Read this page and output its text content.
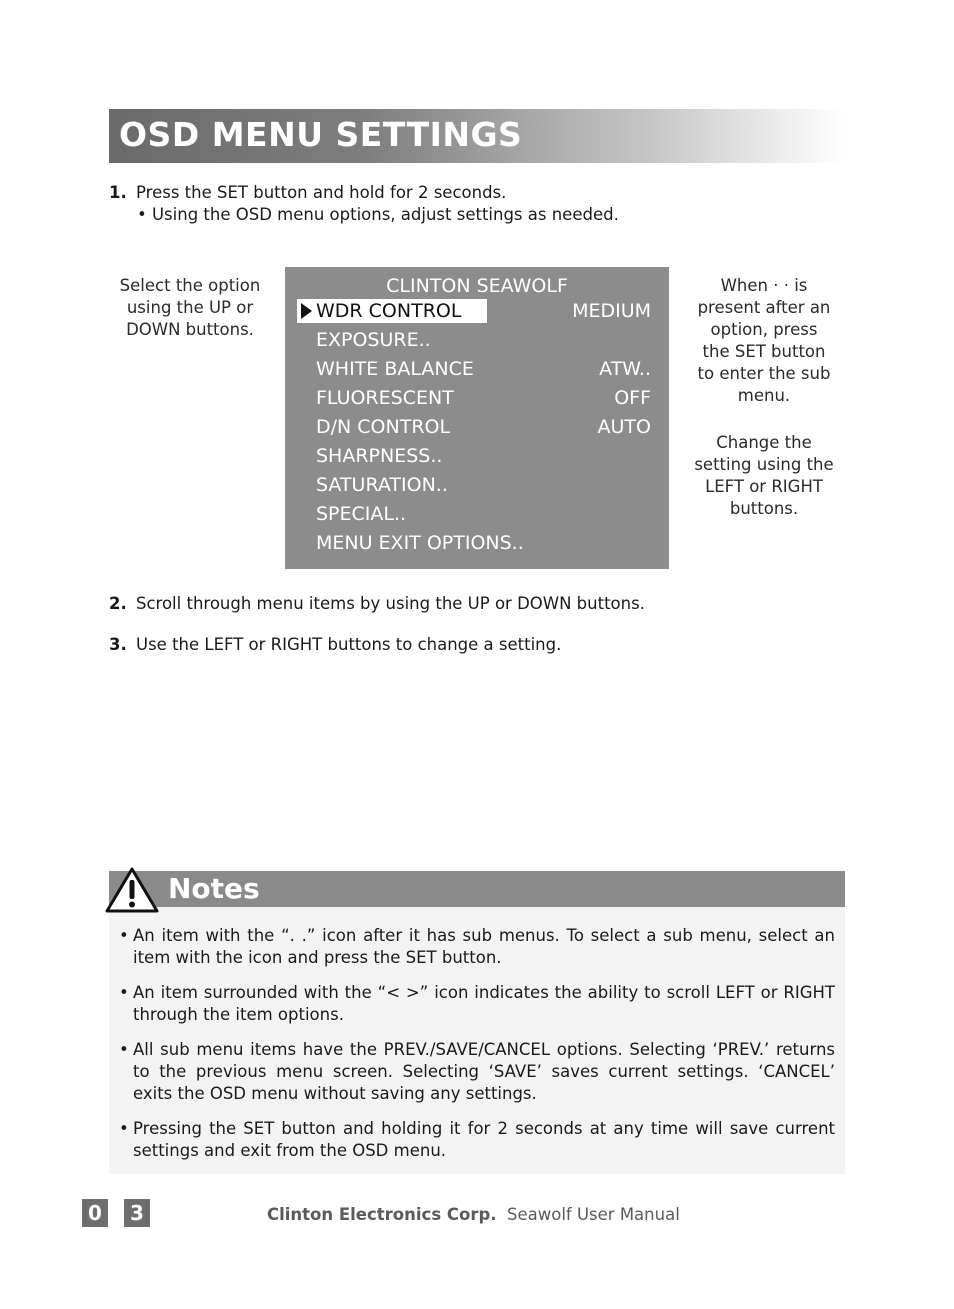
OSD MENU SETTINGS
1. Press the SET button and hold for 2 seconds.
• Using the OSD menu options, adjust settings as needed.
Select the option
using the UP or
DOWN buttons.
CLINTON SEAWOLF
WDR CONTROL	MEDIUM
EXPOSURE..
WHITE BALANCE	ATW..
FLUORESCENT	OFF
D/N CONTROL	AUTO
SHARPNESS..
SATURATION..
SPECIAL..
MENU EXIT OPTIONS..
When · · is
present after an
option, press
the SET button
to enter the sub
menu.
Change the
setting using the
LEFT or RIGHT
buttons.
2. Scroll through menu items by using the UP or DOWN buttons.
3. Use the LEFT or RIGHT buttons to change a setting.
Notes
• An item with the “. .” icon after it has sub menus. To select a sub menu, select an item with the icon and press the SET button.
• An item surrounded with the “< >” icon indicates the ability to scroll LEFT or RIGHT through the item options.
• All sub menu items have the PREV./SAVE/CANCEL options. Selecting ‘PREV.’ returns to the previous menu screen. Selecting ‘SAVE’ saves current settings. ‘CANCEL’ exits the OSD menu without saving any settings.
• Pressing the SET button and holding it for 2 seconds at any time will save current settings and exit from the OSD menu.
0	3	Clinton Electronics Corp. Seawolf User Manual
